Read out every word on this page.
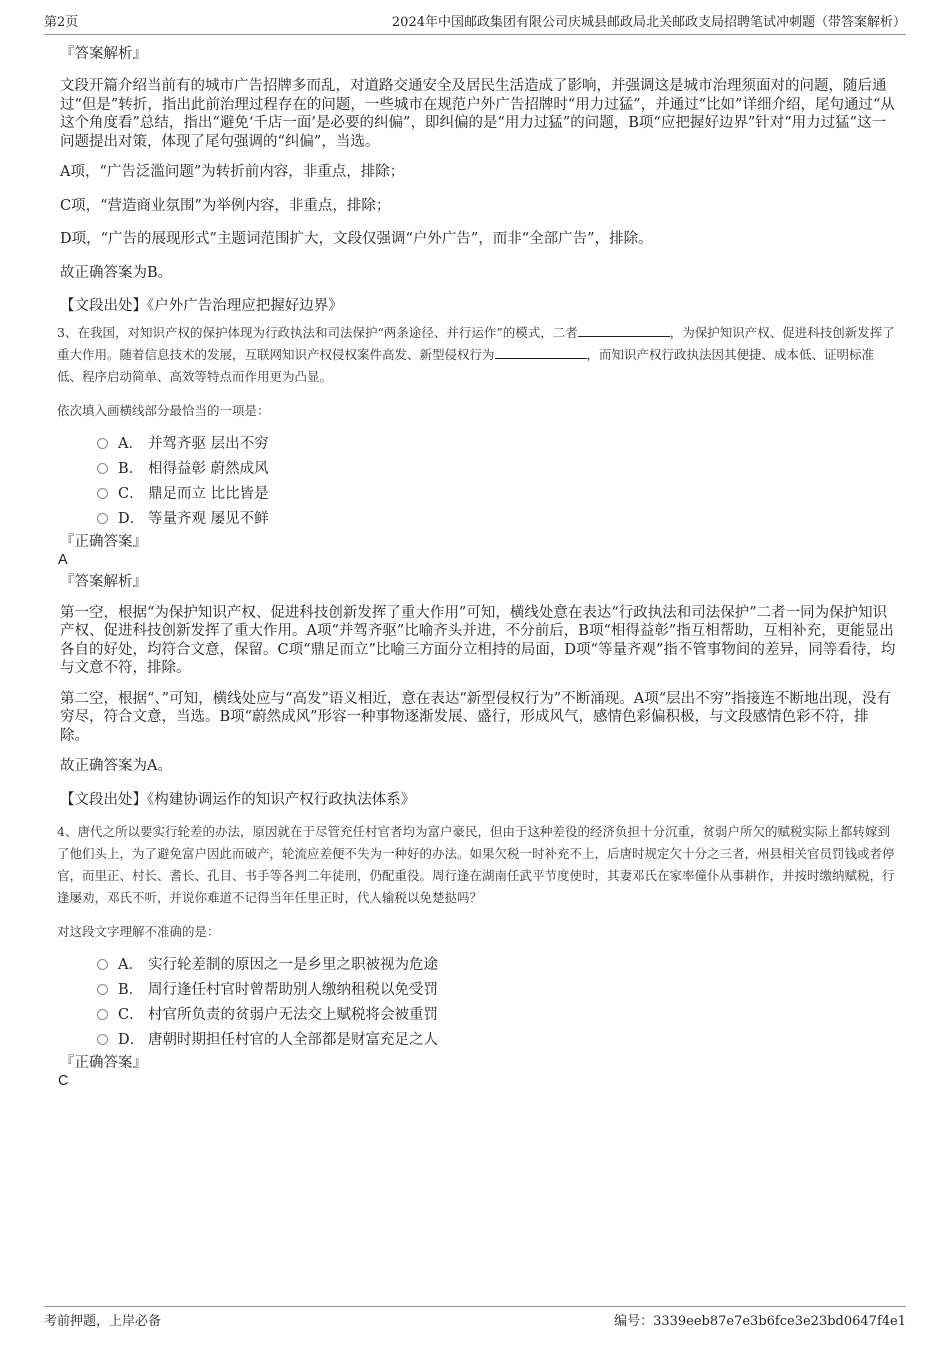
第2页	2024年中国邮政集团有限公司庆城县邮政局北关邮政支局招聘笔试冲刺题（带答案解析）
『答案解析』

文段开篇介绍当前有的城市广告招牌多而乱，对道路交通安全及居民生活造成了影响，并强调这是城市治理须面对的问题，随后通过“但是”转折，指出此前治理过程存在的问题，一些城市在规范户外广告招牌时“用力过猛”，并通过“比如”详细介绍，尾句通过“从这个角度看”总结，指出“避免‘千店一面’是必要的纠偏”，即纠偏的是“用力过猛”的问题，B项“应把握好边界”针对“用力过猛”这一问题提出对策，体现了尾句强调的“纠偏”，当选。

A项，“广告泛滥问题”为转折前内容，非重点，排除；

C项，“营造商业氛围”为举例内容，非重点，排除；

D项，“广告的展现形式”主题词范围扩大，文段仅强调“户外广告”，而非“全部广告”，排除。

故正确答案为B。

【文段出处】《户外广告治理应把握好边界》

3、在我国，对知识产权的保护体现为行政执法和司法保护“两条途径、并行运作”的模式，二者	，为保护知识产权、促进科技创新发挥了重大作用。随着信息技术的发展，互联网知识产权侵权案件高发、新型侵权行为	，而知识产权行政执法因其便捷、成本低、证明标准低、程序启动简单、高效等特点而作用更为凸显。

依次填入画横线部分最恰当的一项是：

A． 并驾齐驱 层出不穷
B． 相得益彰 蔚然成风
C． 鼎足而立 比比皆是
D． 等量齐观 屡见不鲜
『正确答案』
A
『答案解析』

第一空，根据“为保护知识产权、促进科技创新发挥了重大作用”可知，横线处意在表达“行政执法和司法保护”二者一同为保护知识产权、促进科技创新发挥了重大作用。A项“并驾齐驱”比喻齐头并进，不分前后，B项“相得益彰”指互相帮助，互相补充，更能显出各自的好处，均符合文意，保留。C项“鼎足而立”比喻三方面分立相持的局面，D项“等量齐观”指不管事物间的差异，同等看待，均与文意不符，排除。

第二空，根据“、”可知，横线处应与“高发”语义相近，意在表达“新型侵权行为”不断涌现。A项“层出不穷”指接连不断地出现，没有穷尽，符合文意，当选。B项“蔚然成风”形容一种事物逐渐发展、盛行，形成风气，感情色彩偏积极，与文段感情色彩不符，排除。

故正确答案为A。

【文段出处】《构建协调运作的知识产权行政执法体系》

4、唐代之所以要实行轮差的办法，原因就在于尽管充任村官者均为富户豪民，但由于这种差役的经济负担十分沉重，贫弱户所欠的赋税实际上都转嫁到了他们头上，为了避免富户因此而破产，轮流应差便不失为一种好的办法。如果欠税一时补充不上，后唐时规定欠十分之三者，州县相关官员罚钱或者停官，而里正、村长、耆长、孔目、书手等各判二年徒刑，仍配重役。周行逢在湖南任武平节度使时，其妻邓氏在家率僮仆从事耕作，并按时缴纳赋税，行逢屡劝，邓氏不听，并说你难道不记得当年任里正时，代人输税以免楚挞吗？

对这段文字理解不准确的是：

A． 实行轮差制的原因之一是乡里之职被视为危途
B． 周行逢任村官时曾帮助别人缴纳租税以免受罚
C． 村官所负责的贫弱户无法交上赋税将会被重罚
D． 唐朝时期担任村官的人全部都是财富充足之人
『正确答案』
C
考前押题，上岸必备	编号：3339eeb87e7e3b6fce3e23bd0647f4e1
